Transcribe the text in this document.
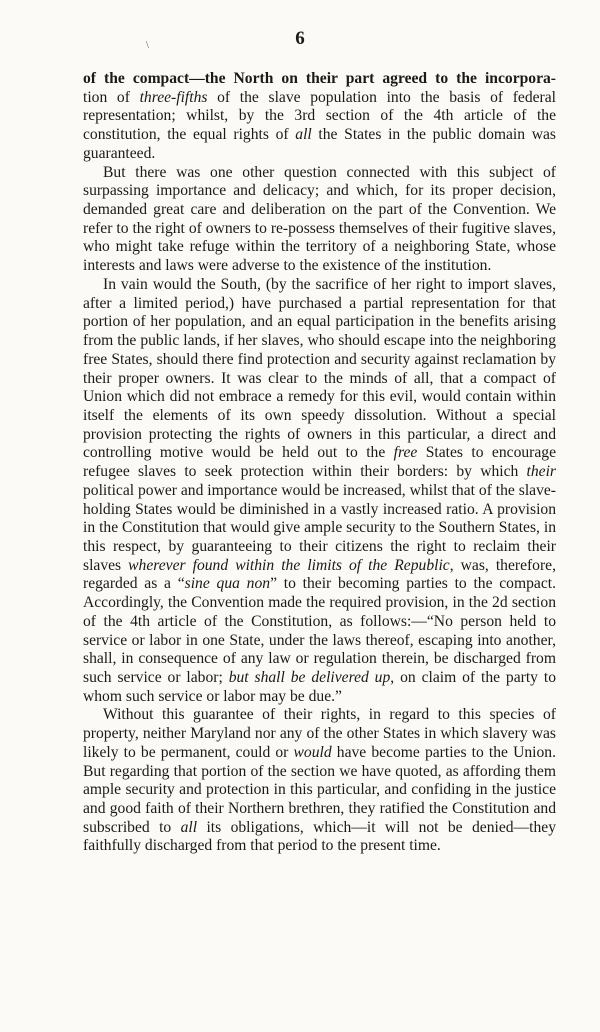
\	6

of the compact—the North on their part agreed to the incorpora-
tion of three-fifths of the slave population into the basis of federal representation; whilst, by the 3rd section of the 4th article of the constitution, the equal rights of all the States in the public domain was guaranteed.

But there was one other question connected with this subject of surpassing importance and delicacy; and which, for its proper decision, demanded great care and deliberation on the part of the Convention. We refer to the right of owners to re-possess themselves of their fugitive slaves, who might take refuge within the territory of a neighboring State, whose interests and laws were adverse to the existence of the institution.

In vain would the South, (by the sacrifice of her right to import slaves, after a limited period,) have purchased a partial representation for that portion of her population, and an equal participation in the benefits arising from the public lands, if her slaves, who should escape into the neighboring free States, should there find protection and security against reclamation by their proper owners. It was clear to the minds of all, that a compact of Union which did not embrace a remedy for this evil, would contain within itself the elements of its own speedy dissolution. Without a special provision protecting the rights of owners in this particular, a direct and controlling motive would be held out to the free States to encourage refugee slaves to seek protection within their borders: by which their political power and importance would be increased, whilst that of the slave-holding States would be diminished in a vastly increased ratio. A provision in the Constitution that would give ample security to the Southern States, in this respect, by guaranteeing to their citizens the right to reclaim their slaves wherever found within the limits of the Republic, was, therefore, regarded as a “sine qua non” to their becoming parties to the compact. Accordingly, the Convention made the required provision, in the 2d section of the 4th article of the Constitution, as follows:—“No person held to service or labor in one State, under the laws thereof, escaping into another, shall, in consequence of any law or regulation therein, be discharged from such service or labor; but shall be delivered up, on claim of the party to whom such service or labor may be due.”

Without this guarantee of their rights, in regard to this species of property, neither Maryland nor any of the other States in which slavery was likely to be permanent, could or would have become parties to the Union. But regarding that portion of the section we have quoted, as affording them ample security and protection in this particular, and confiding in the justice and good faith of their Northern brethren, they ratified the Constitution and subscribed to all its obligations, which—it will not be denied—they faithfully discharged from that period to the present time.
